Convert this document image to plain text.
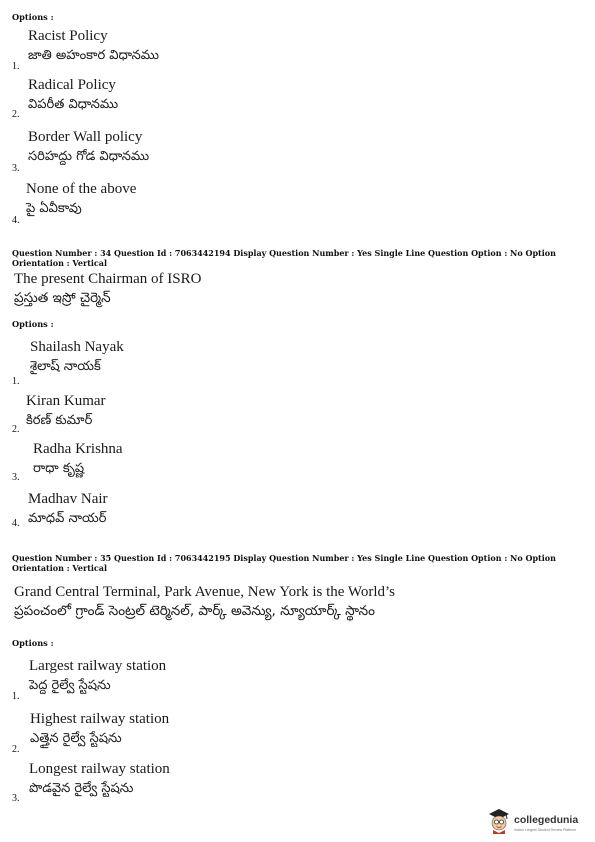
Options :
Racist Policy
జాతి అహంకార విధానము
1.
Radical Policy
విపరీత విధానము
2.
Border Wall policy
సరిహద్దు గోడ విధానము
3.
None of the above
పై ఏవీకావు
4.
Question Number : 34 Question Id : 7063442194 Display Question Number : Yes Single Line Question Option : No Option
Orientation : Vertical
The present Chairman of ISRO
ప్రస్తుత ఇస్రో చైర్మెన్
Options :
Shailash Nayak
శైలాష్ నాయక్
1.
Kiran Kumar
కిరణ్ కుమార్
2.
Radha Krishna
రాధా కృష్ణ
3.
Madhav Nair
మాధవ్ నాయర్
4.
Question Number : 35 Question Id : 7063442195 Display Question Number : Yes Single Line Question Option : No Option
Orientation : Vertical
Grand Central Terminal, Park Avenue, New York is the World’s
ప్రపంచంలో గ్రాండ్ సెంట్రల్ టెర్మినల్, పార్క్ అవెన్యు, న్యూయార్క్ స్థానం
Options :
Largest railway station
పెద్ద రైల్వే స్టేషను
1.
Highest railway station
ఎత్తైన రైల్వే స్టేషను
2.
Longest railway station
పొడవైన రైల్వే స్టేషను
3.
collegedunia
India's Largest Student Review Platform
